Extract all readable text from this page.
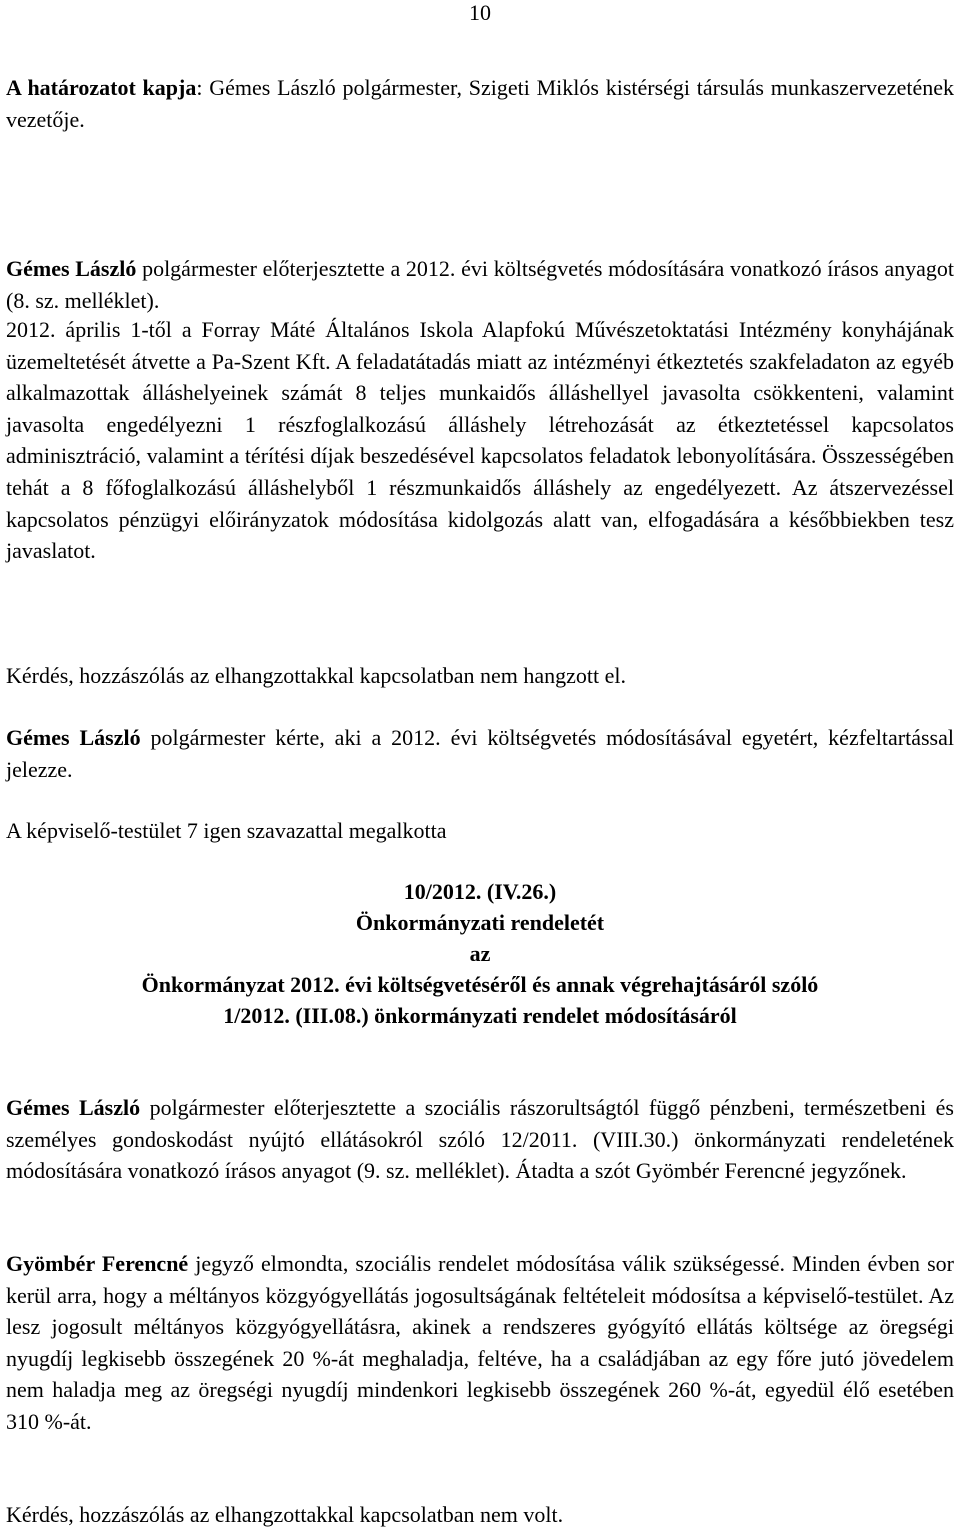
10
A határozatot kapja: Gémes László polgármester, Szigeti Miklós kistérségi társulás munkaszervezetének vezetője.
Gémes László polgármester előterjesztette a 2012. évi költségvetés módosítására vonatkozó írásos anyagot (8. sz. melléklet).
2012. április 1-től a Forray Máté Általános Iskola Alapfokú Művészetoktatási Intézmény konyhájának üzemeltetését átvette a Pa-Szent Kft. A feladatátadás miatt az intézményi étkeztetés szakfeladaton az egyéb alkalmazottak álláshelyeinek számát 8 teljes munkaidős álláshellyel javasolta csökkenteni, valamint javasolta engedélyezni 1 részfoglalkozású álláshely létrehozását az étkeztetéssel kapcsolatos adminisztráció, valamint a térítési díjak beszedésével kapcsolatos feladatok lebonyolítására. Összességében tehát a 8 főfoglalkozású álláshelyből 1 részmunkaidős álláshely az engedélyezett. Az átszervezéssel kapcsolatos pénzügyi előirányzatok módosítása kidolgozás alatt van, elfogadására a későbbiekben tesz javaslatot.
Kérdés, hozzászólás az elhangzottakkal kapcsolatban nem hangzott el.
Gémes László polgármester kérte, aki a 2012. évi költségvetés módosításával egyetért, kézfeltartással jelezze.
A képviselő-testület 7 igen szavazattal megalkotta
10/2012. (IV.26.)
Önkormányzati rendeletét
az
Önkormányzat 2012. évi költségvetéséről és annak végrehajtásáról szóló
1/2012. (III.08.) önkormányzati rendelet módosításáról
Gémes László polgármester előterjesztette a szociális rászorultságtól függő pénzbeni, természetbeni és személyes gondoskodást nyújtó ellátásokról szóló 12/2011. (VIII.30.) önkormányzati rendeletének módosítására vonatkozó írásos anyagot (9. sz. melléklet). Átadta a szót Gyömbér Ferencné jegyzőnek.
Gyömbér Ferencné jegyző elmondta, szociális rendelet módosítása válik szükségessé. Minden évben sor kerül arra, hogy a méltányos közgyógyellátás jogosultságának feltételeit módosítsa a képviselő-testület. Az lesz jogosult méltányos közgyógyellátásra, akinek a rendszeres gyógyító ellátás költsége az öregségi nyugdíj legkisebb összegének 20 %-át meghaladja, feltéve, ha a családjában az egy főre jutó jövedelem nem haladja meg az öregségi nyugdíj mindenkori legkisebb összegének 260 %-át, egyedül élő esetében 310 %-át.
Kérdés, hozzászólás az elhangzottakkal kapcsolatban nem volt.
